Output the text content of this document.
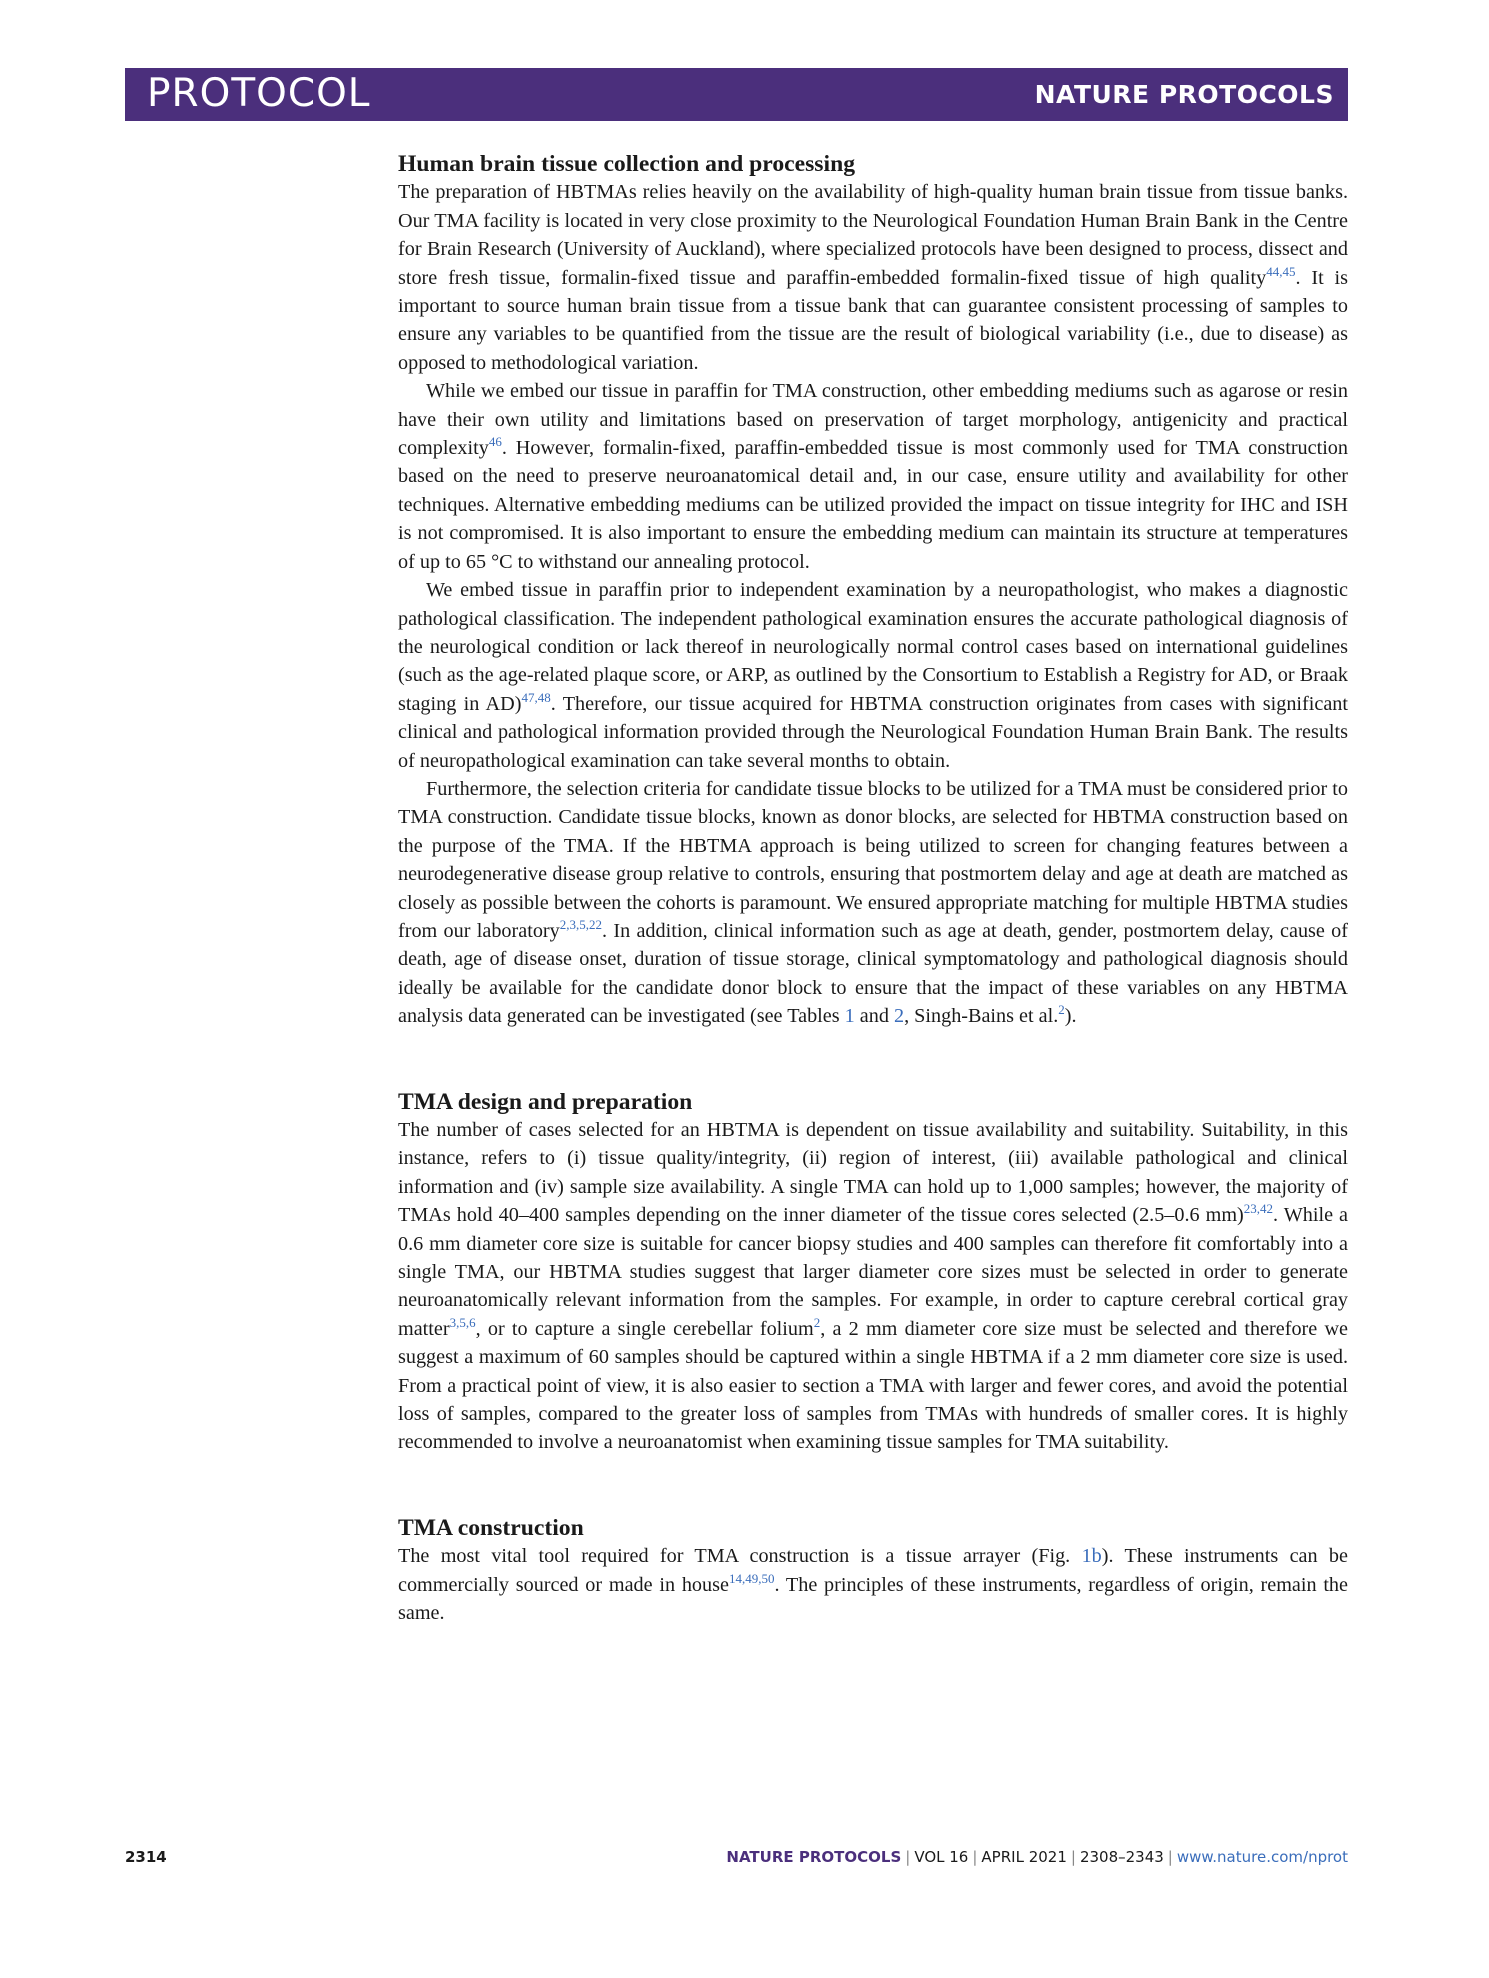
PROTOCOL	NATURE PROTOCOLS
Human brain tissue collection and processing

The preparation of HBTMAs relies heavily on the availability of high-quality human brain tissue from tissue banks. Our TMA facility is located in very close proximity to the Neurological Foundation Human Brain Bank in the Centre for Brain Research (University of Auckland), where specialized protocols have been designed to process, dissect and store fresh tissue, formalin-fixed tissue and paraffin-embedded formalin-fixed tissue of high quality$^{44,45}$. It is important to source human brain tissue from a tissue bank that can guarantee consistent processing of samples to ensure any variables to be quantified from the tissue are the result of biological variability (i.e., due to disease) as opposed to methodological variation.

While we embed our tissue in paraffin for TMA construction, other embedding mediums such as agarose or resin have their own utility and limitations based on preservation of target morphology, antigenicity and practical complexity$^{46}$. However, formalin-fixed, paraffin-embedded tissue is most commonly used for TMA construction based on the need to preserve neuroanatomical detail and, in our case, ensure utility and availability for other techniques. Alternative embedding mediums can be utilized provided the impact on tissue integrity for IHC and ISH is not compromised. It is also important to ensure the embedding medium can maintain its structure at temperatures of up to 65 °C to withstand our annealing protocol.

We embed tissue in paraffin prior to independent examination by a neuropathologist, who makes a diagnostic pathological classification. The independent pathological examination ensures the accurate pathological diagnosis of the neurological condition or lack thereof in neurologically normal control cases based on international guidelines (such as the age-related plaque score, or ARP, as outlined by the Consortium to Establish a Registry for AD, or Braak staging in AD)$^{47,48}$. Therefore, our tissue acquired for HBTMA construction originates from cases with significant clinical and pathological information provided through the Neurological Foundation Human Brain Bank. The results of neuropathological examination can take several months to obtain.

Furthermore, the selection criteria for candidate tissue blocks to be utilized for a TMA must be considered prior to TMA construction. Candidate tissue blocks, known as donor blocks, are selected for HBTMA construction based on the purpose of the TMA. If the HBTMA approach is being utilized to screen for changing features between a neurodegenerative disease group relative to controls, ensuring that postmortem delay and age at death are matched as closely as possible between the cohorts is paramount. We ensured appropriate matching for multiple HBTMA studies from our laboratory$^{2,3,5,22}$. In addition, clinical information such as age at death, gender, postmortem delay, cause of death, age of disease onset, duration of tissue storage, clinical symptomatology and pathological diagnosis should ideally be available for the candidate donor block to ensure that the impact of these variables on any HBTMA analysis data generated can be investigated (see Tables 1 and 2, Singh-Bains et al.$^2$).

TMA design and preparation

The number of cases selected for an HBTMA is dependent on tissue availability and suitability. Suitability, in this instance, refers to (i) tissue quality/integrity, (ii) region of interest, (iii) available pathological and clinical information and (iv) sample size availability. A single TMA can hold up to 1,000 samples; however, the majority of TMAs hold 40–400 samples depending on the inner diameter of the tissue cores selected (2.5–0.6 mm)$^{23,42}$. While a 0.6 mm diameter core size is suitable for cancer biopsy studies and 400 samples can therefore fit comfortably into a single TMA, our HBTMA studies suggest that larger diameter core sizes must be selected in order to generate neuroanatomically relevant information from the samples. For example, in order to capture cerebral cortical gray matter$^{3,5,6}$, or to capture a single cerebellar folium$^2$, a 2 mm diameter core size must be selected and therefore we suggest a maximum of 60 samples should be captured within a single HBTMA if a 2 mm diameter core size is used. From a practical point of view, it is also easier to section a TMA with larger and fewer cores, and avoid the potential loss of samples, compared to the greater loss of samples from TMAs with hundreds of smaller cores. It is highly recommended to involve a neuroanatomist when examining tissue samples for TMA suitability.

TMA construction

The most vital tool required for TMA construction is a tissue arrayer (Fig. 1b). These instruments can be commercially sourced or made in house$^{14,49,50}$. The principles of these instruments, regardless of origin, remain the same.

2314	NATURE PROTOCOLS | VOL 16 | APRIL 2021 | 2308–2343 | www.nature.com/nprot
